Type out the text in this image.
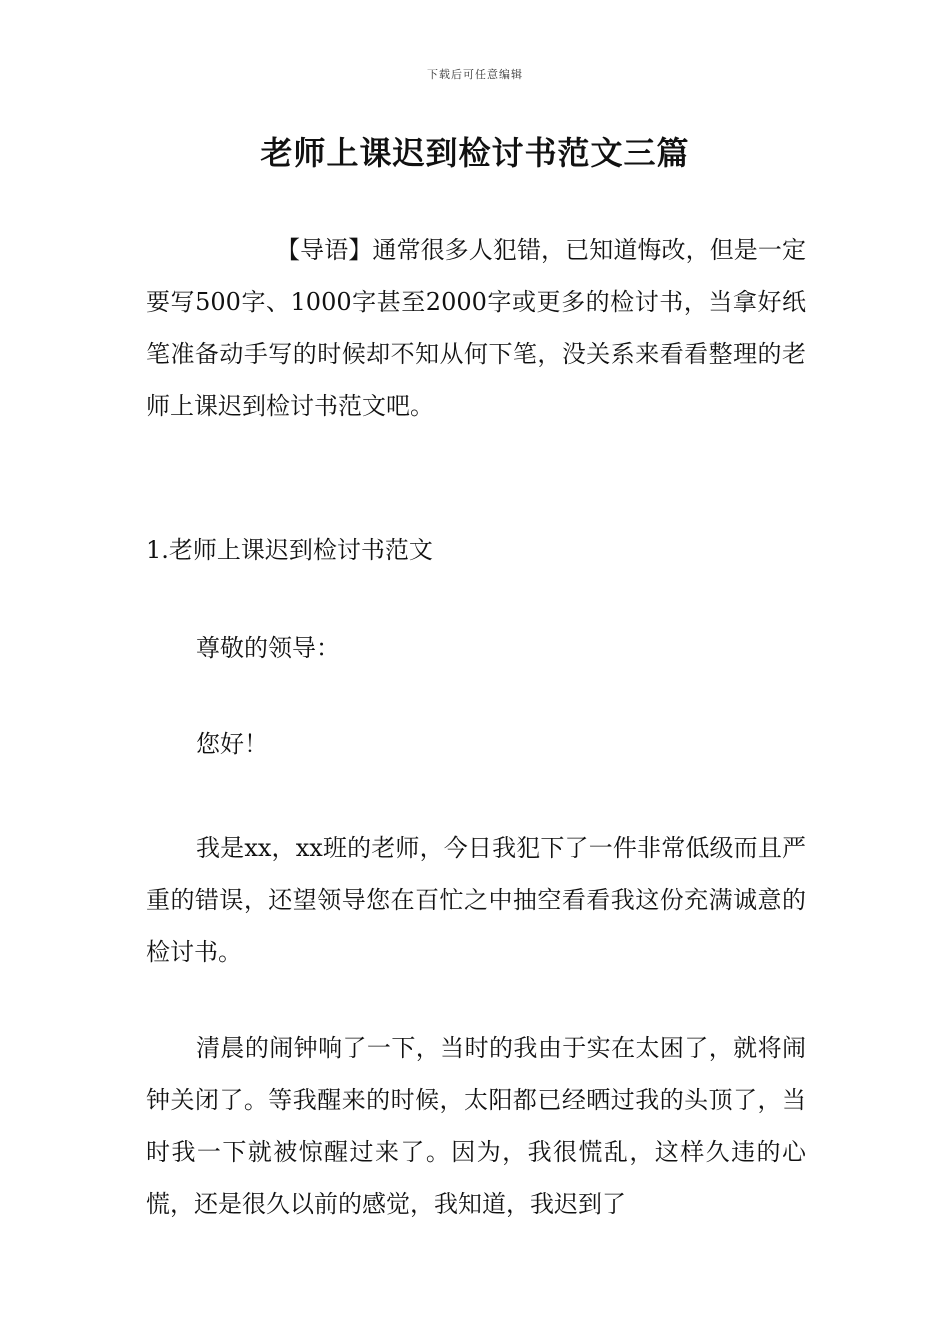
下载后可任意编辑
老师上课迟到检讨书范文三篇

【导语】通常很多人犯错，已知道悔改，但是一定要写500字、1000字甚至2000字或更多的检讨书，当拿好纸笔准备动手写的时候却不知从何下笔，没关系来看看整理的老师上课迟到检讨书范文吧。

1.老师上课迟到检讨书范文

尊敬的领导：

您好！

我是xx，xx班的老师，今日我犯下了一件非常低级而且严重的错误，还望领导您在百忙之中抽空看看我这份充满诚意的检讨书。

清晨的闹钟响了一下，当时的我由于实在太困了，就将闹钟关闭了。等我醒来的时候，太阳都已经晒过我的头顶了，当时我一下就被惊醒过来了。因为，我很慌乱，这样久违的心慌，还是很久以前的感觉，我知道，我迟到了
